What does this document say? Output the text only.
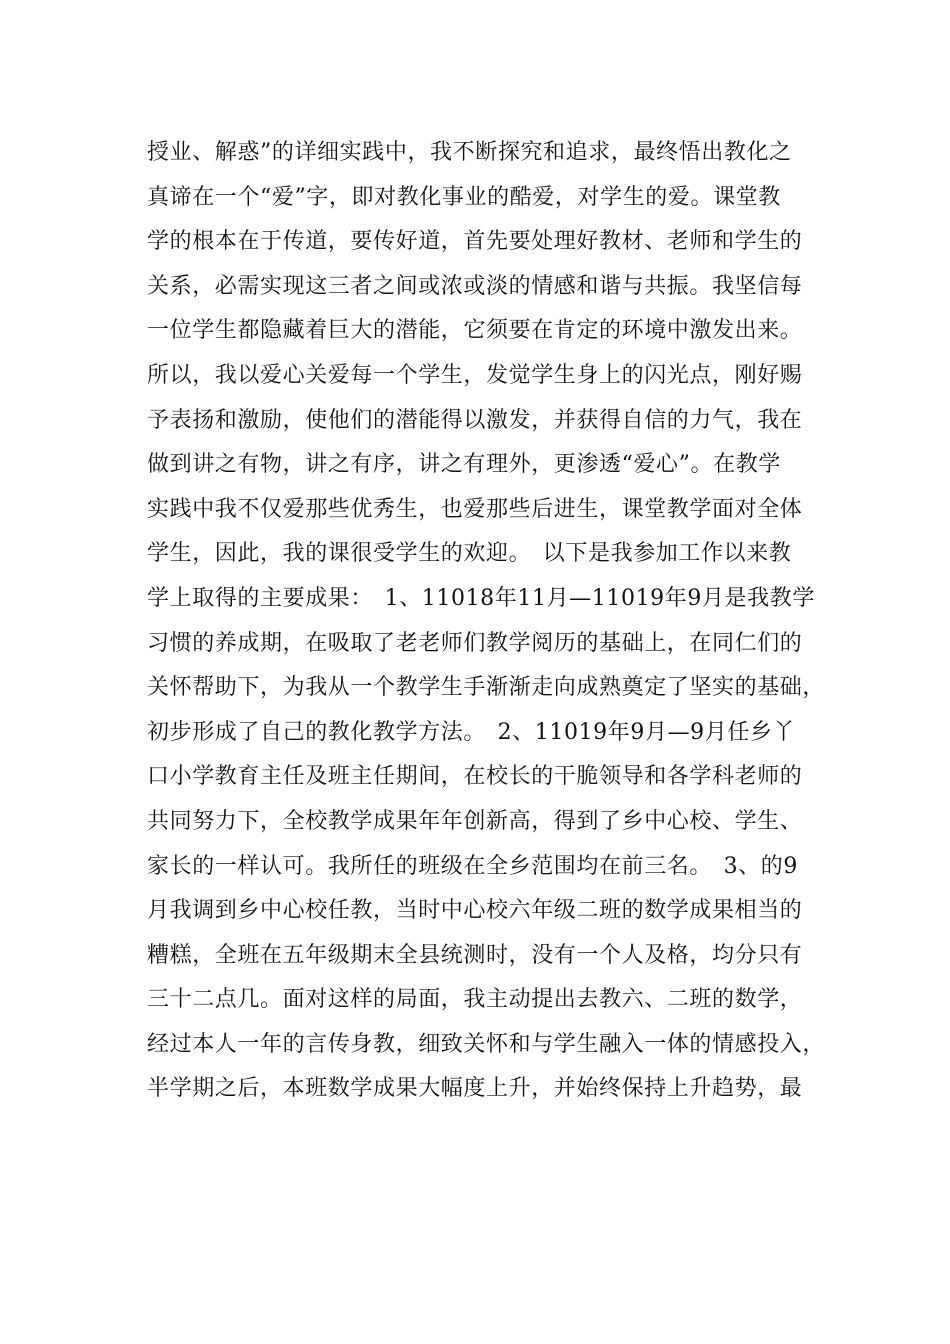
授业、解惑”的详细实践中，我不断探究和追求，最终悟出教化之
真谛在一个“爱”字，即对教化事业的酷爱，对学生的爱。课堂教
学的根本在于传道，要传好道，首先要处理好教材、老师和学生的
关系，必需实现这三者之间或浓或淡的情感和谐与共振。我坚信每
一位学生都隐藏着巨大的潜能，它须要在肯定的环境中激发出来。
所以，我以爱心关爱每一个学生，发觉学生身上的闪光点，刚好赐
予表扬和激励，使他们的潜能得以激发，并获得自信的力气，我在
做到讲之有物，讲之有序，讲之有理外，更渗透“爱心”。在教学
实践中我不仅爱那些优秀生，也爱那些后进生，课堂教学面对全体
学生，因此，我的课很受学生的欢迎。　以下是我参加工作以来教
学上取得的主要成果：　1、11018年11月—11019年9月是我教学
习惯的养成期，在吸取了老老师们教学阅历的基础上，在同仁们的
关怀帮助下，为我从一个教学生手渐渐走向成熟奠定了坚实的基础，
初步形成了自己的教化教学方法。　2、11019年9月—9月任乡丫
口小学教育主任及班主任期间，在校长的干脆领导和各学科老师的
共同努力下，全校教学成果年年创新高，得到了乡中心校、学生、
家长的一样认可。我所任的班级在全乡范围均在前三名。　3、的9
月我调到乡中心校任教，当时中心校六年级二班的数学成果相当的
糟糕，全班在五年级期末全县统测时，没有一个人及格，均分只有
三十二点几。面对这样的局面，我主动提出去教六、二班的数学，
经过本人一年的言传身教，细致关怀和与学生融入一体的情感投入，
半学期之后，本班数学成果大幅度上升，并始终保持上升趋势，最
